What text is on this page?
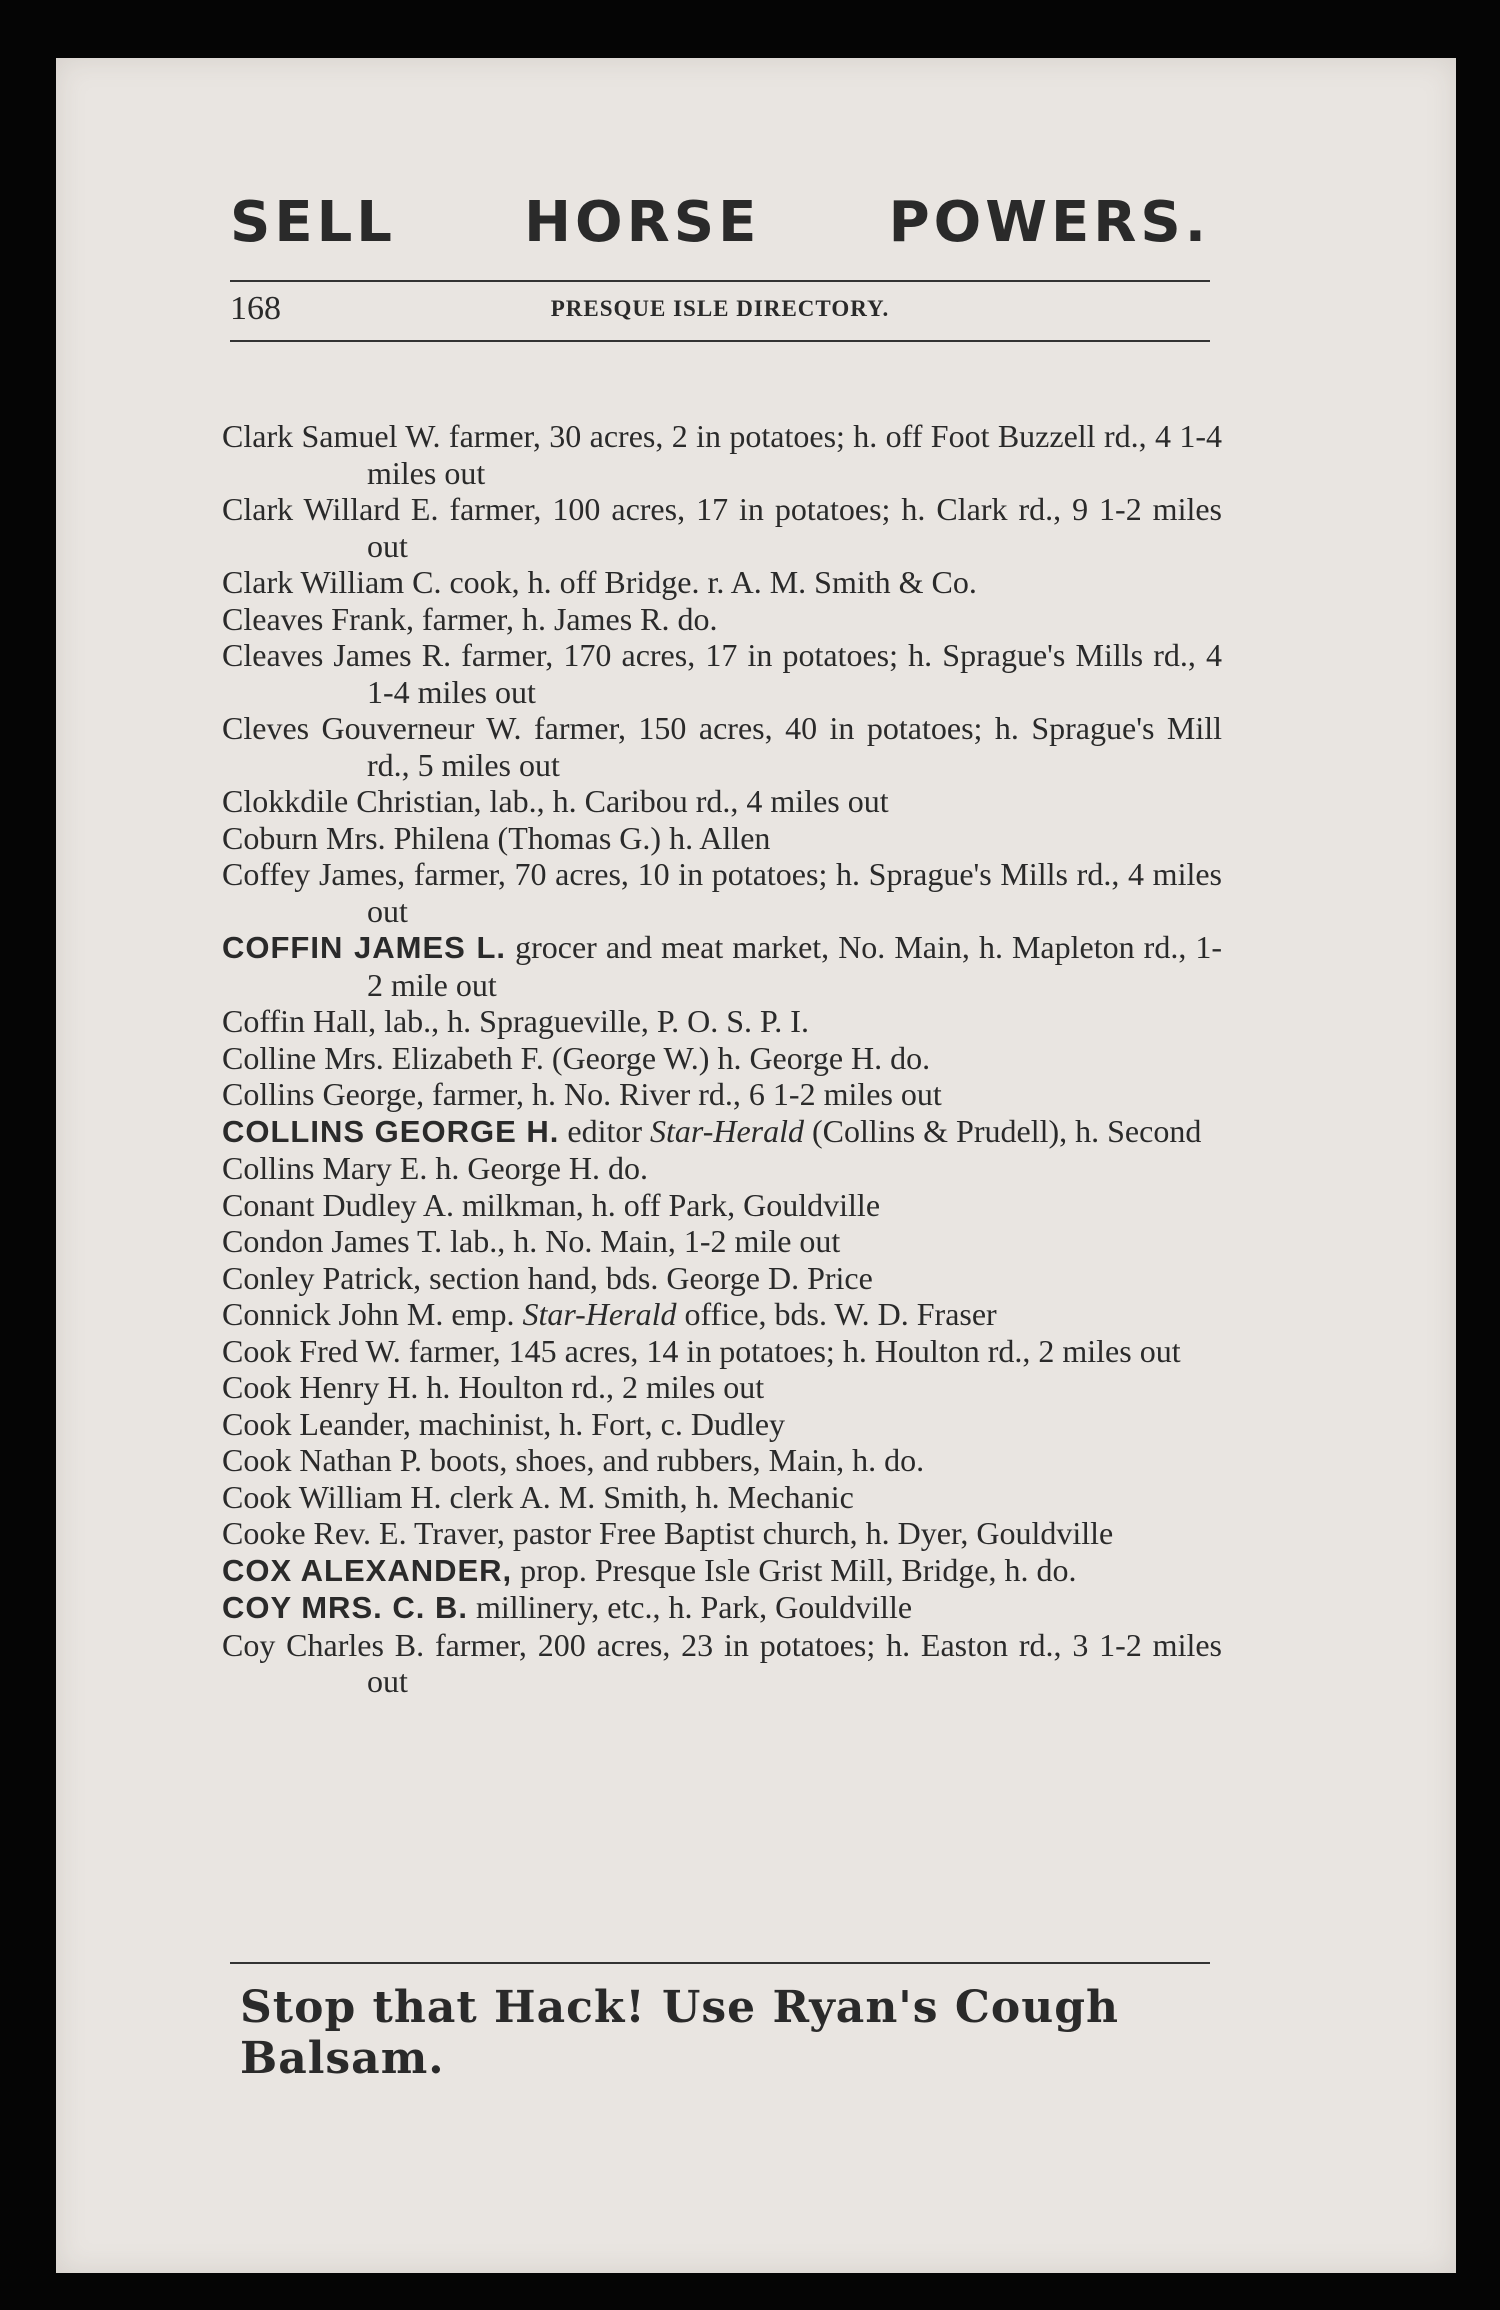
SELL HORSE POWERS.
168	PRESQUE ISLE DIRECTORY.

Clark Samuel W. farmer, 30 acres, 2 in potatoes; h. off Foot Buzzell rd., 4 1-4 miles out

Clark Willard E. farmer, 100 acres, 17 in potatoes; h. Clark rd., 9 1-2 miles out

Clark William C. cook, h. off Bridge. r. A. M. Smith & Co.

Cleaves Frank, farmer, h. James R. do.

Cleaves James R. farmer, 170 acres, 17 in potatoes; h. Sprague's Mills rd., 4 1-4 miles out

Cleves Gouverneur W. farmer, 150 acres, 40 in potatoes; h. Sprague's Mill rd., 5 miles out

Clokkdile Christian, lab., h. Caribou rd., 4 miles out

Coburn Mrs. Philena (Thomas G.) h. Allen

Coffey James, farmer, 70 acres, 10 in potatoes; h. Sprague's Mills rd., 4 miles out

COFFIN JAMES L. grocer and meat market, No. Main, h. Mapleton rd., 1-2 mile out

Coffin Hall, lab., h. Spragueville, P. O. S. P. I.

Colline Mrs. Elizabeth F. (George W.) h. George H. do.

Collins George, farmer, h. No. River rd., 6 1-2 miles out

COLLINS GEORGE H. editor Star-Herald (Collins & Prudell), h. Second

Collins Mary E. h. George H. do.

Conant Dudley A. milkman, h. off Park, Gouldville

Condon James T. lab., h. No. Main, 1-2 mile out

Conley Patrick, section hand, bds. George D. Price

Connick John M. emp. Star-Herald office, bds. W. D. Fraser

Cook Fred W. farmer, 145 acres, 14 in potatoes; h. Houlton rd., 2 miles out

Cook Henry H. h. Houlton rd., 2 miles out

Cook Leander, machinist, h. Fort, c. Dudley

Cook Nathan P. boots, shoes, and rubbers, Main, h. do.

Cook William H. clerk A. M. Smith, h. Mechanic

Cooke Rev. E. Traver, pastor Free Baptist church, h. Dyer, Gouldville

COX ALEXANDER, prop. Presque Isle Grist Mill, Bridge, h. do.

COY MRS. C. B. millinery, etc., h. Park, Gouldville

Coy Charles B. farmer, 200 acres, 23 in potatoes; h. Easton rd., 3 1-2 miles out

Stop that Hack! Use Ryan's Cough Balsam.
